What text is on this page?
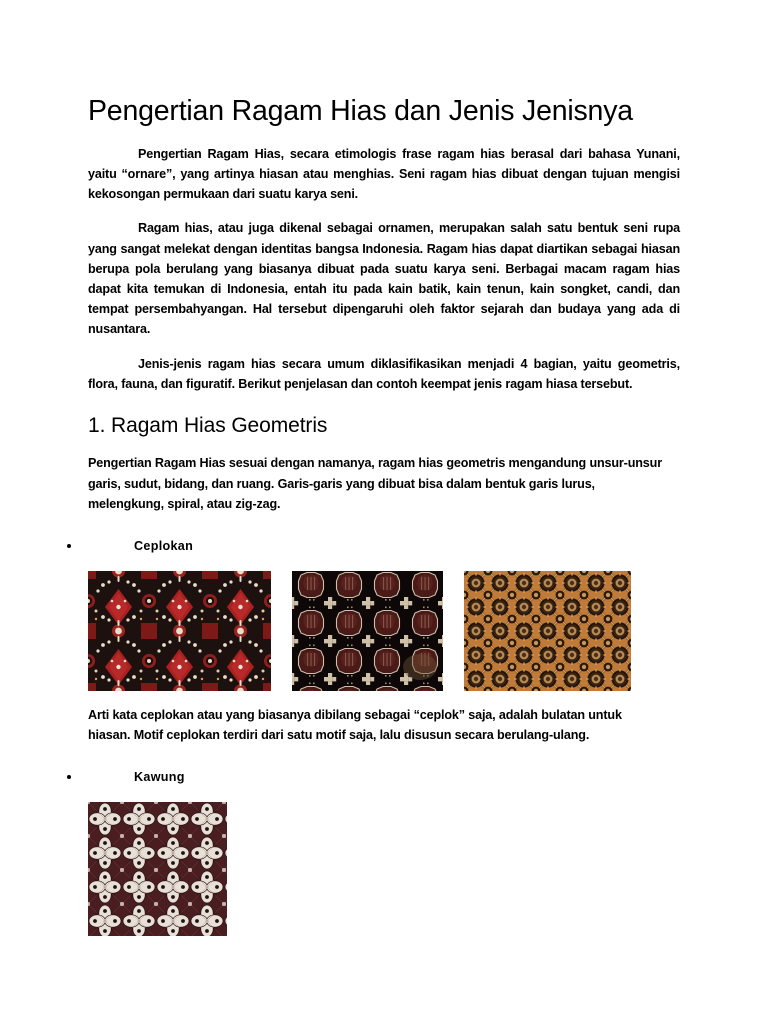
Pengertian Ragam Hias dan Jenis Jenisnya

Pengertian Ragam Hias, secara etimologis frase ragam hias berasal dari bahasa Yunani, yaitu “ornare”, yang artinya hiasan atau menghias. Seni ragam hias dibuat dengan tujuan mengisi kekosongan permukaan dari suatu karya seni.

Ragam hias, atau juga dikenal sebagai ornamen, merupakan salah satu bentuk seni rupa yang sangat melekat dengan identitas bangsa Indonesia. Ragam hias dapat diartikan sebagai hiasan berupa pola berulang yang biasanya dibuat pada suatu karya seni. Berbagai macam ragam hias dapat kita temukan di Indonesia, entah itu pada kain batik, kain tenun, kain songket, candi, dan tempat persembahyangan. Hal tersebut dipengaruhi oleh faktor sejarah dan budaya yang ada di nusantara.

Jenis-jenis ragam hias secara umum diklasifikasikan menjadi 4 bagian, yaitu geometris, flora, fauna, dan figuratif. Berikut penjelasan dan contoh keempat jenis ragam hiasa tersebut.

1. Ragam Hias Geometris

Pengertian Ragam Hias sesuai dengan namanya, ragam hias geometris mengandung unsur-unsur garis, sudut, bidang, dan ruang. Garis-garis yang dibuat bisa dalam bentuk garis lurus, melengkung, spiral, atau zig-zag.

Ceplokan

Arti kata ceplokan atau yang biasanya dibilang sebagai “ceplok” saja, adalah bulatan untuk hiasan. Motif ceplokan terdiri dari satu motif saja, lalu disusun secara berulang-ulang.

Kawung
